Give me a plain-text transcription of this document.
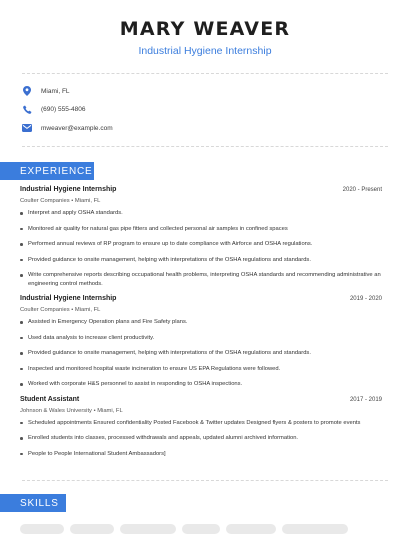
MARY WEAVER
Industrial Hygiene Internship
Miami, FL
(690) 555-4806
mweaver@example.com
EXPERIENCE
Industrial Hygiene Internship	2020 - Present
Coulter Companies • Miami, FL
Interpret and apply OSHA standards.
Monitored air quality for natural gas pipe fitters and collected personal air samples in confined spaces
Performed annual reviews of RP program to ensure up to date compliance with Airforce and OSHA regulations.
Provided guidance to onsite management, helping with interpretations of the OSHA regulations and standards.
Write comprehensive reports describing occupational health problems, interpreting OSHA standards and recommending administrative an engineering control methods.
Industrial Hygiene Internship	2019 - 2020
Coulter Companies • Miami, FL
Assisted in Emergency Operation plans and Fire Safety plans.
Used data analysis to increase client productivity.
Provided guidance to onsite management, helping with interpretations of the OSHA regulations and standards.
Inspected and monitored hospital waste incineration to ensure US EPA Regulations were followed.
Worked with corporate H&S personnel to assist in responding to OSHA inspections.
Student Assistant	2017 - 2019
Johnson & Wales University • Miami, FL
Scheduled appointments Ensured confidentiality Posted Facebook & Twitter updates Designed flyers & posters to promote events
Enrolled students into classes, processed withdrawals and appeals, updated alumni archived information.
People to People International Student Ambassadors]
SKILLS
